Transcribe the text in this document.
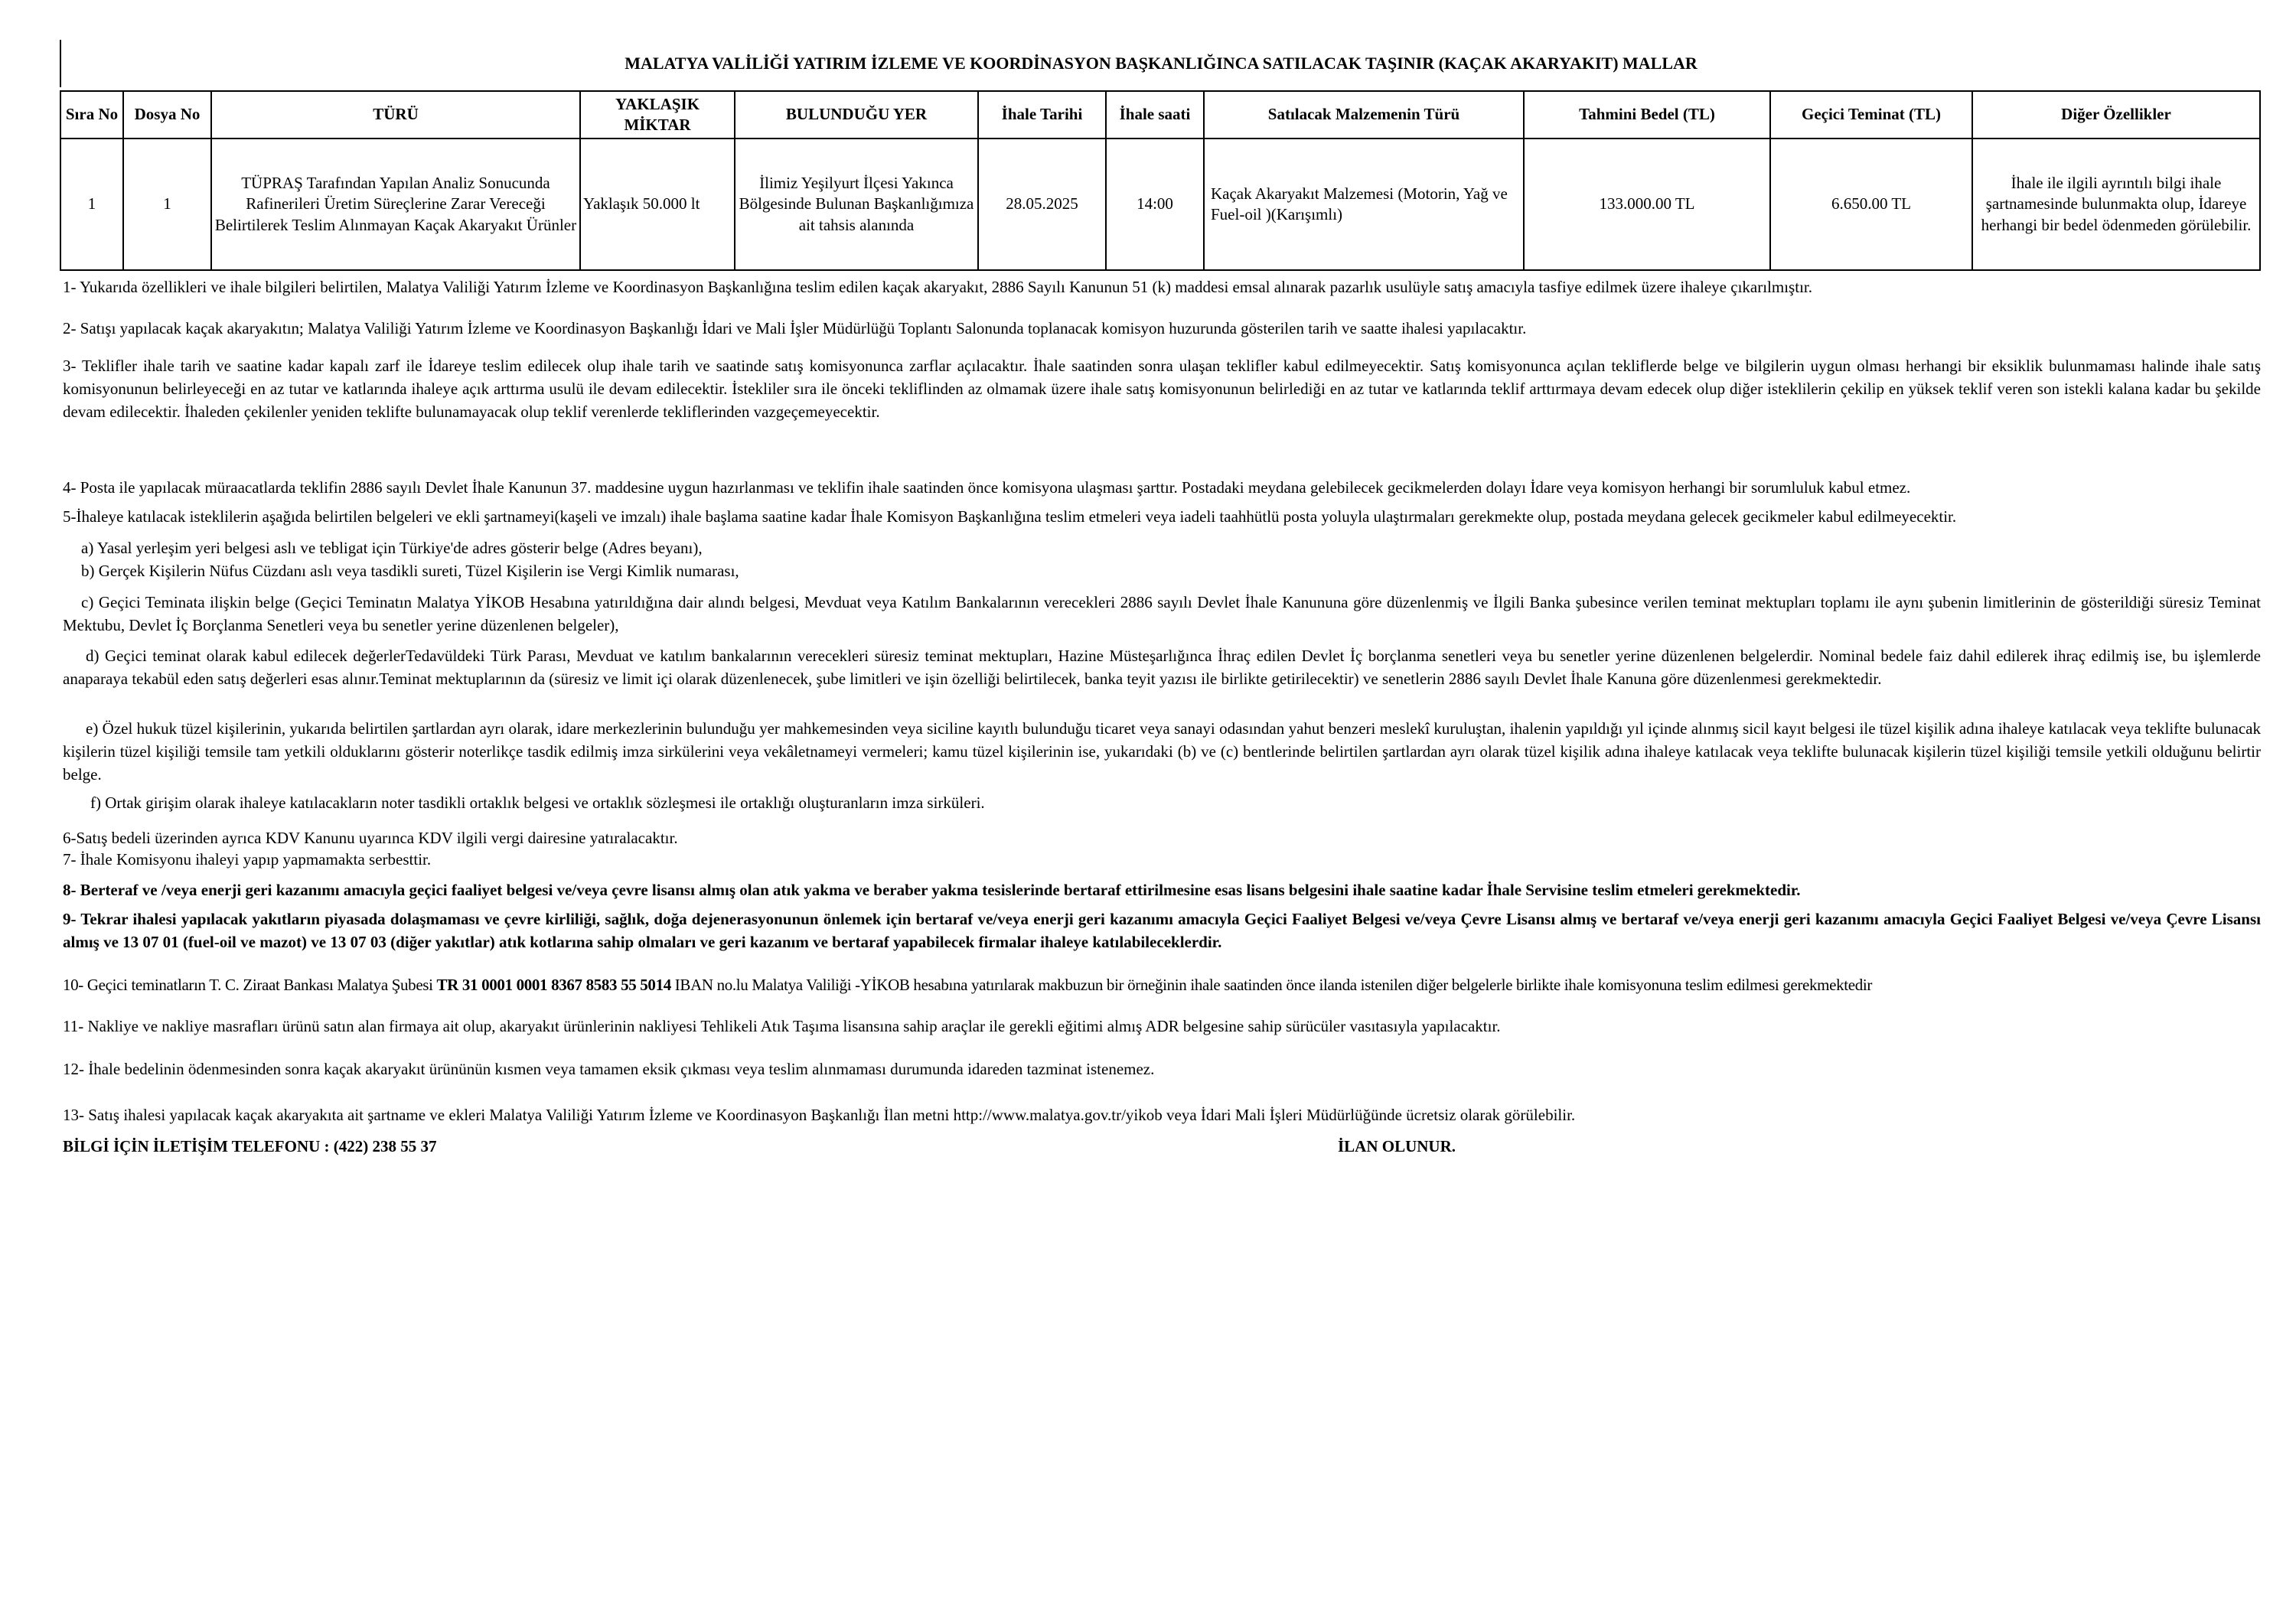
MALATYA VALİLİĞİ YATIRIM İZLEME VE KOORDİNASYON BAŞKANLIĞINCA SATILACAK TAŞINIR (KAÇAK AKARYAKIT) MALLAR
Sıra No	Dosya No	TÜRÜ	YAKLAŞIK MİKTAR	BULUNDUĞU YER	İhale Tarihi	İhale saati	Satılacak Malzemenin Türü	Tahmini Bedel (TL)	Geçici Teminat (TL)	Diğer Özellikler
1	1	TÜPRAŞ Tarafından Yapılan Analiz Sonucunda Rafinerileri Üretim Süreçlerine Zarar Vereceği Belirtilerek Teslim Alınmayan Kaçak Akaryakıt Ürünler	Yaklaşık 50.000 lt	İlimiz Yeşilyurt İlçesi Yakınca Bölgesinde Bulunan Başkanlığımıza ait tahsis alanında	28.05.2025	14:00	Kaçak Akaryakıt Malzemesi (Motorin, Yağ ve Fuel-oil )(Karışımlı)	133.000.00 TL	6.650.00 TL	İhale ile ilgili ayrıntılı bilgi ihale şartnamesinde bulunmakta olup, İdareye herhangi bir bedel ödenmeden görülebilir.
1- Yukarıda özellikleri ve ihale bilgileri belirtilen, Malatya Valiliği Yatırım İzleme ve Koordinasyon Başkanlığına teslim edilen kaçak akaryakıt, 2886 Sayılı Kanunun 51 (k) maddesi emsal alınarak pazarlık usulüyle satış amacıyla tasfiye edilmek üzere ihaleye çıkarılmıştır.
2- Satışı yapılacak kaçak akaryakıtın; Malatya Valiliği Yatırım İzleme ve Koordinasyon Başkanlığı İdari ve Mali İşler Müdürlüğü Toplantı Salonunda toplanacak komisyon huzurunda gösterilen tarih ve saatte ihalesi yapılacaktır.
3- Teklifler ihale tarih ve saatine kadar kapalı zarf ile İdareye teslim edilecek olup ihale tarih ve saatinde satış komisyonunca zarflar açılacaktır. İhale saatinden sonra ulaşan teklifler kabul edilmeyecektir. Satış komisyonunca açılan tekliflerde belge ve bilgilerin uygun olması herhangi bir eksiklik bulunmaması halinde ihale satış komisyonunun belirleyeceği en az tutar ve katlarında ihaleye açık arttırma usulü ile devam edilecektir. İstekliler sıra ile önceki tekliflinden az olmamak üzere ihale satış komisyonunun belirlediği en az tutar ve katlarında teklif arttırmaya devam edecek olup diğer isteklilerin çekilip en yüksek teklif veren son istekli kalana kadar bu şekilde devam edilecektir. İhaleden çekilenler yeniden teklifte bulunamayacak olup teklif verenlerde tekliflerinden vazgeçemeyecektir.
4- Posta ile yapılacak müraacatlarda teklifin 2886 sayılı Devlet İhale Kanunun 37. maddesine uygun hazırlanması ve teklifin ihale saatinden önce komisyona ulaşması şarttır. Postadaki meydana gelebilecek gecikmelerden dolayı İdare veya komisyon herhangi bir sorumluluk kabul etmez.
5-İhaleye katılacak isteklilerin aşağıda belirtilen belgeleri ve ekli şartnameyi(kaşeli ve imzalı) ihale başlama saatine kadar İhale Komisyon Başkanlığına teslim etmeleri veya iadeli taahhütlü posta yoluyla ulaştırmaları gerekmekte olup, postada meydana gelecek gecikmeler kabul edilmeyecektir.
a) Yasal yerleşim yeri belgesi aslı ve tebligat için Türkiye'de adres gösterir belge (Adres beyanı),
b) Gerçek Kişilerin Nüfus Cüzdanı aslı veya tasdikli sureti, Tüzel Kişilerin ise Vergi Kimlik numarası,
c) Geçici Teminata ilişkin belge (Geçici Teminatın Malatya YİKOB Hesabına yatırıldığına dair alındı belgesi, Mevduat veya Katılım Bankalarının verecekleri 2886 sayılı Devlet İhale Kanununa göre düzenlenmiş ve İlgili Banka şubesince verilen teminat mektupları toplamı ile aynı şubenin limitlerinin de gösterildiği süresiz Teminat Mektubu, Devlet İç Borçlanma Senetleri veya bu senetler yerine düzenlenen belgeler),
d) Geçici teminat olarak kabul edilecek değerlerTedavüldeki Türk Parası, Mevduat ve katılım bankalarının verecekleri süresiz teminat mektupları, Hazine Müsteşarlığınca İhraç edilen Devlet İç borçlanma senetleri veya bu senetler yerine düzenlenen belgelerdir. Nominal bedele faiz dahil edilerek ihraç edilmiş ise, bu işlemlerde anaparaya tekabül eden satış değerleri esas alınır.Teminat mektuplarının da (süresiz ve limit içi olarak düzenlenecek, şube limitleri ve işin özelliği belirtilecek, banka teyit yazısı ile birlikte getirilecektir) ve senetlerin 2886 sayılı Devlet İhale Kanuna göre düzenlenmesi gerekmektedir.
e) Özel hukuk tüzel kişilerinin, yukarıda belirtilen şartlardan ayrı olarak, idare merkezlerinin bulunduğu yer mahkemesinden veya siciline kayıtlı bulunduğu ticaret veya sanayi odasından yahut benzeri meslekî kuruluştan, ihalenin yapıldığı yıl içinde alınmış sicil kayıt belgesi ile tüzel kişilik adına ihaleye katılacak veya teklifte bulunacak kişilerin tüzel kişiliği temsile tam yetkili olduklarını gösterir noterlikçe tasdik edilmiş imza sirkülerini veya vekâletnameyi vermeleri; kamu tüzel kişilerinin ise, yukarıdaki (b) ve (c) bentlerinde belirtilen şartlardan ayrı olarak tüzel kişilik adına ihaleye katılacak veya teklifte bulunacak kişilerin tüzel kişiliği temsile yetkili olduğunu belirtir belge.
f) Ortak girişim olarak ihaleye katılacakların noter tasdikli ortaklık belgesi ve ortaklık sözleşmesi ile ortaklığı oluşturanların imza sirküleri.
6-Satış bedeli üzerinden ayrıca KDV Kanunu uyarınca KDV ilgili vergi dairesine yatıralacaktır.
7- İhale Komisyonu ihaleyi yapıp yapmamakta serbesttir.
8- Berteraf ve /veya enerji geri kazanımı amacıyla geçici faaliyet belgesi ve/veya çevre lisansı almış olan atık yakma ve beraber yakma tesislerinde bertaraf ettirilmesine esas lisans belgesini ihale saatine kadar İhale Servisine teslim etmeleri gerekmektedir.
9- Tekrar ihalesi yapılacak yakıtların piyasada dolaşmaması ve çevre kirliliği, sağlık, doğa dejenerasyonunun önlemek için bertaraf ve/veya enerji geri kazanımı amacıyla Geçici Faaliyet Belgesi ve/veya Çevre Lisansı almış ve bertaraf ve/veya enerji geri kazanımı amacıyla Geçici Faaliyet Belgesi ve/veya Çevre Lisansı almış ve 13 07 01 (fuel-oil ve mazot) ve 13 07 03 (diğer yakıtlar) atık kotlarına sahip olmaları ve geri kazanım ve bertaraf yapabilecek firmalar ihaleye katılabileceklerdir.
10- Geçici teminatların T. C. Ziraat Bankası Malatya Şubesi TR 31 0001 0001 8367 8583 55 5014 IBAN no.lu Malatya Valiliği -YİKOB hesabına yatırılarak makbuzun bir örneğinin ihale saatinden önce ilanda istenilen diğer belgelerle birlikte ihale komisyonuna teslim edilmesi gerekmektedir
11- Nakliye ve nakliye masrafları ürünü satın alan firmaya ait olup, akaryakıt ürünlerinin nakliyesi Tehlikeli Atık Taşıma lisansına sahip araçlar ile gerekli eğitimi almış ADR belgesine sahip sürücüler vasıtasıyla yapılacaktır.
12- İhale bedelinin ödenmesinden sonra kaçak akaryakıt ürününün kısmen veya tamamen eksik çıkması veya teslim alınmaması durumunda idareden tazminat istenemez.
13- Satış ihalesi yapılacak kaçak akaryakıta ait şartname ve ekleri Malatya Valiliği Yatırım İzleme ve Koordinasyon Başkanlığı İlan metni http://www.malatya.gov.tr/yikob veya İdari Mali İşleri Müdürlüğünde ücretsiz olarak görülebilir.
BİLGİ İÇİN İLETİŞİM TELEFONU : (422) 238 55 37	İLAN OLUNUR.
